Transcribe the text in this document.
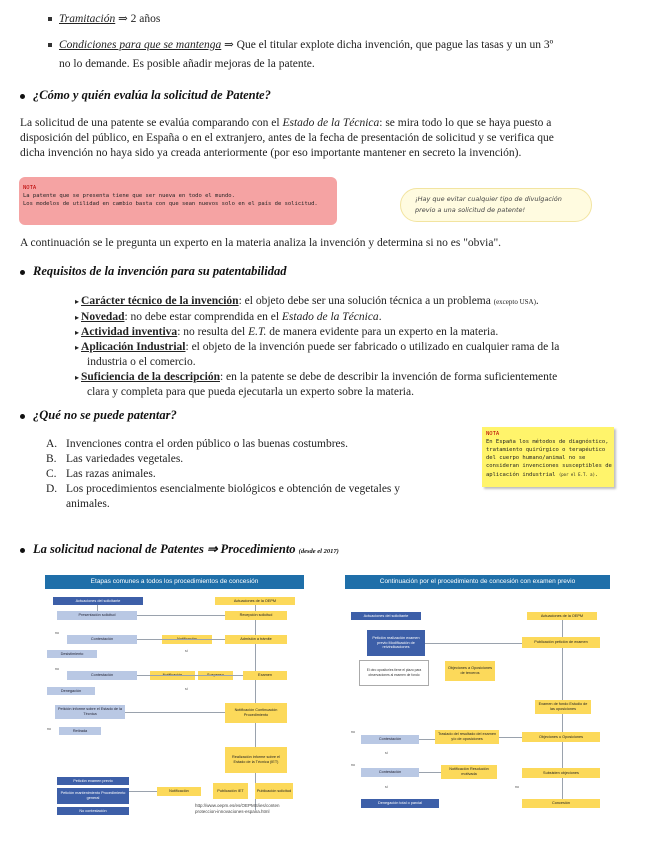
Tramitación ⇒ 2 años
Condiciones para que se mantenga ⇒ Que el titular explote dicha invención, que pague las tasas y un un 3º
no lo demande. Es posible añadir mejoras de la patente.
¿Cómo y quién evalúa la solicitud de Patente?
La solicitud de una patente se evalúa comparando con el Estado de la Técnica: se mira todo lo que se haya puesto a
disposición del público, en España o en el extranjero, antes de la fecha de presentación de solicitud y se verifica que
dicha invención no haya sido ya creada anteriormente (por eso importante mantener en secreto la invención).
NOTA
La patente que se presenta tiene que ser nueva en todo el mundo.
Los modelos de utilidad en cambio basta con que sean nuevos solo en el país de solicitud.
¡Hay que evitar cualquier tipo de divulgación
previo a una solicitud de patente!
A continuación se le pregunta un experto en la materia analiza la invención y determina si no es "obvia".
Requisitos de la invención para su patentabilidad
▸ Carácter técnico de la invención: el objeto debe ser una solución técnica a un problema (excepto USA).
▸ Novedad: no debe estar comprendida en el Estado de la Técnica.
▸ Actividad inventiva: no resulta del E.T. de manera evidente para un experto en la materia.
▸ Aplicación Industrial: el objeto de la invención puede ser fabricado o utilizado en cualquier rama de la
industria o el comercio.
▸ Suficiencia de la descripción: en la patente se debe de describir la invención de forma suficientemente
clara y completa para que pueda ejecutarla un experto sobre la materia.
¿Qué no se puede patentar?
A. Invenciones contra el orden público o las buenas costumbres.
B. Las variedades vegetales.
C. Las razas animales.
D. Los procedimientos esencialmente biológicos e obtención de vegetales y
animales.
NOTA
En España los métodos de diagnóstico,
tratamiento quirúrgico o terapéutico
del cuerpo humano/animal no se
consideran invenciones susceptibles de
aplicación industrial (por el E.T. a).
La solicitud nacional de Patentes ⇒ Procedimiento (desde el 2017)
Etapas comunes a todos los procedimientos de concesión
Actuaciones del solicitante	Actuaciones de la OEPM
Presentación solicitud	Recepción solicitud
no
Contestación	Admisión a trámite
Desistimiento
sí
no
Contestación	Examen
Denegación	sí
Petición informe sobre el Estado de la Técnica
Notificación Continuación Procedimiento
Retirada
no
Realización informe sobre el Estado de la Técnica (IET)
Petición examen previo
Petición mantenimiento Procedimiento general
Notificación	Publicación IET	Publicación solicitud
No contestación
http://www.oepm.es/es/OEPMS/ies/conten
proteccion-innovaciones-espana.html
Continuación por el procedimiento de concesión con examen previo
Actuaciones del solicitante	Actuaciones de la OEPM
Petición realización examen previo Modificación de reivindicaciones
Publicación petición de examen
El otro opositor/es tiene el plazo para observaciones al examen de fondo
Objeciones a Oposiciones de terceros
Examen de fondo Estudio de las oposiciones
no
Traslado del resultado del examen y/o de oposiciones
Objeciones u Oposiciones
Contestación
sí
no
Contestación
Notificación Resolución motivada	Subsisten objeciones
sí	no
Denegación total o parcial	Concesión
